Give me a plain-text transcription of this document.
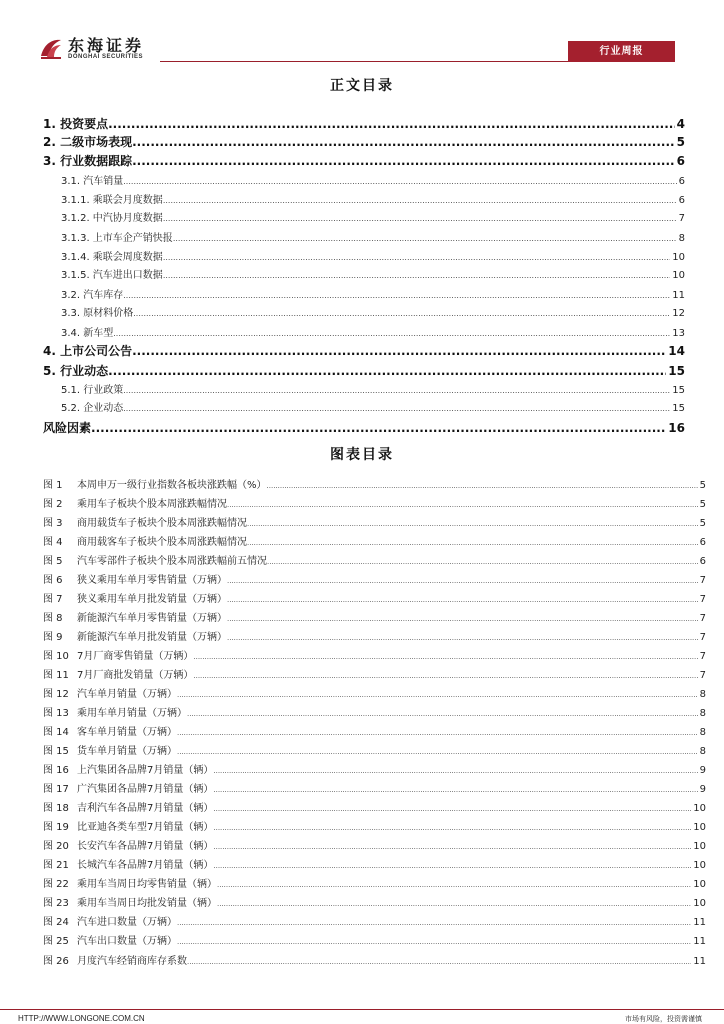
东海证券
DONGHAI SECURITIES	行业周报
正文目录
1. 投资要点 .....	4
2. 二级市场表现 .....	5
3. 行业数据跟踪 .....	6
3.1. 汽车销量 .....	6
3.1.1. 乘联会月度数据 .....	6
3.1.2. 中汽协月度数据 .....	7
3.1.3. 上市车企产销快报 .....	8
3.1.4. 乘联会周度数据 .....	10
3.1.5. 汽车进出口数据 .....	10
3.2. 汽车库存 .....	11
3.3. 原材料价格 .....	12
3.4. 新车型 .....	13
4. 上市公司公告 .....	14
5. 行业动态 .....	15
5.1. 行业政策 .....	15
5.2. 企业动态 .....	15
风险因素 .....	16
图表目录
图 1	本周申万一级行业指数各板块涨跌幅（%） .....	5
图 2	乘用车子板块个股本周涨跌幅情况 .....	5
图 3	商用载货车子板块个股本周涨跌幅情况 .....	5
图 4	商用载客车子板块个股本周涨跌幅情况 .....	6
图 5	汽车零部件子板块个股本周涨跌幅前五情况 .....	6
图 6	狭义乘用车单月零售销量（万辆） .....	7
图 7	狭义乘用车单月批发销量（万辆） .....	7
图 8	新能源汽车单月零售销量（万辆） .....	7
图 9	新能源汽车单月批发销量（万辆） .....	7
图 10 7月厂商零售销量（万辆） .....	7
图 11 7月厂商批发销量（万辆） .....	7
图 12 汽车单月销量（万辆） .....	8
图 13 乘用车单月销量（万辆） .....	8
图 14 客车单月销量（万辆） .....	8
图 15 货车单月销量（万辆） .....	8
图 16 上汽集团各品牌7月销量（辆） .....	9
图 17 广汽集团各品牌7月销量（辆） .....	9
图 18 吉利汽车各品牌7月销量（辆） .....	10
图 19 比亚迪各类车型7月销量（辆） .....	10
图 20 长安汽车各品牌7月销量（辆） .....	10
图 21 长城汽车各品牌7月销量（辆） .....	10
图 22 乘用车当周日均零售销量（辆） .....	10
图 23 乘用车当周日均批发销量（辆） .....	10
图 24 汽车进口数量（万辆） .....	11
图 25 汽车出口数量（万辆） .....	11
图 26 月度汽车经销商库存系数 .....	11
HTTP://WWW.LONGONE.COM.CN	市场有风险，投资需谨慎
